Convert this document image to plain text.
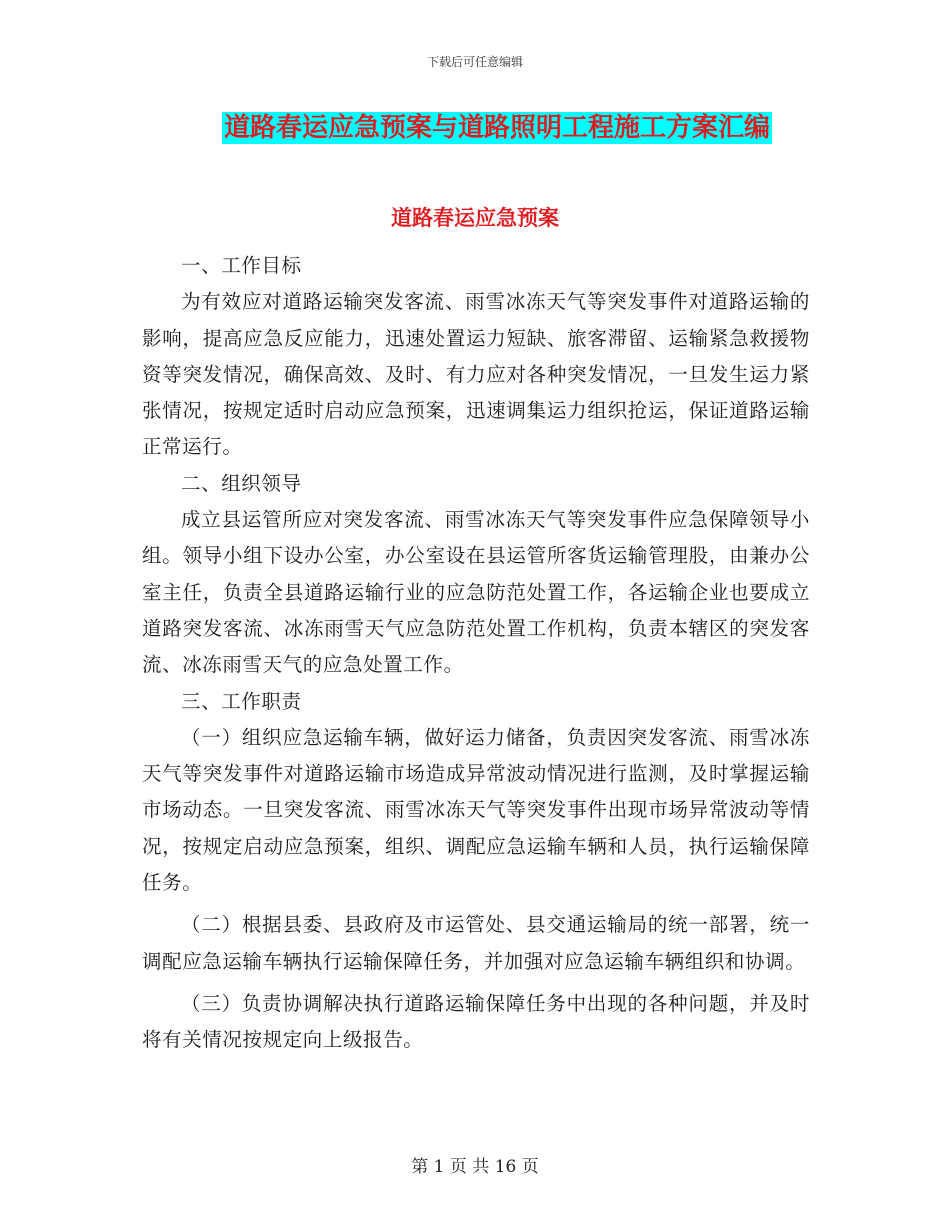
下载后可任意编辑
道路春运应急预案与道路照明工程施工方案汇编
道路春运应急预案

一、工作目标

为有效应对道路运输突发客流、雨雪冰冻天气等突发事件对道路运输的影响，提高应急反应能力，迅速处置运力短缺、旅客滞留、运输紧急救援物资等突发情况，确保高效、及时、有力应对各种突发情况，一旦发生运力紧张情况，按规定适时启动应急预案，迅速调集运力组织抢运，保证道路运输正常运行。

二、组织领导

成立县运管所应对突发客流、雨雪冰冻天气等突发事件应急保障领导小组。领导小组下设办公室，办公室设在县运管所客货运输管理股，由兼办公室主任，负责全县道路运输行业的应急防范处置工作，各运输企业也要成立道路突发客流、冰冻雨雪天气应急防范处置工作机构，负责本辖区的突发客流、冰冻雨雪天气的应急处置工作。

三、工作职责

（一）组织应急运输车辆，做好运力储备，负责因突发客流、雨雪冰冻天气等突发事件对道路运输市场造成异常波动情况进行监测，及时掌握运输市场动态。一旦突发客流、雨雪冰冻天气等突发事件出现市场异常波动等情况，按规定启动应急预案，组织、调配应急运输车辆和人员，执行运输保障任务。

（二）根据县委、县政府及市运管处、县交通运输局的统一部署，统一调配应急运输车辆执行运输保障任务，并加强对应急运输车辆组织和协调。

（三）负责协调解决执行道路运输保障任务中出现的各种问题，并及时将有关情况按规定向上级报告。

第 1 页 共 16 页
